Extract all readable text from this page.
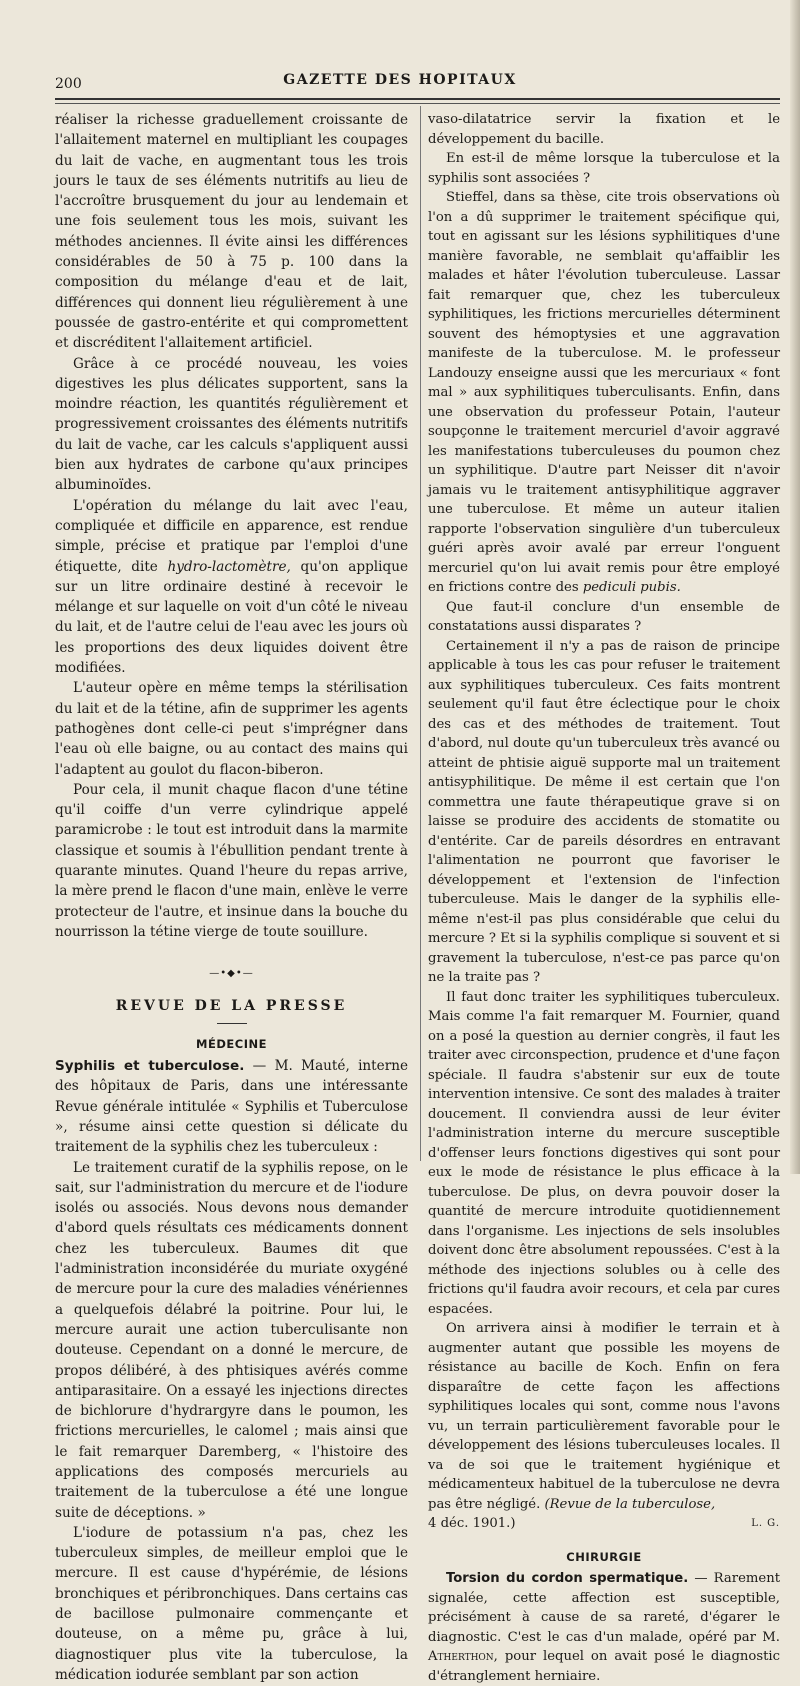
200	GAZETTE DES HOPITAUX

réaliser la richesse graduellement croissante de l'allaitement maternel en multipliant les coupages du lait de vache, en augmentant tous les trois jours le taux de ses éléments nutritifs au lieu de l'accroître brusquement du jour au lendemain et une fois seulement tous les mois, suivant les méthodes anciennes. Il évite ainsi les différences considérables de 50 à 75 p. 100 dans la composition du mélange d'eau et de lait, différences qui donnent lieu régulièrement à une poussée de gastro-entérite et qui compromettent et discréditent l'allaitement artificiel.

Grâce à ce procédé nouveau, les voies digestives les plus délicates supportent, sans la moindre réaction, les quantités régulièrement et progressivement croissantes des éléments nutritifs du lait de vache, car les calculs s'appliquent aussi bien aux hydrates de carbone qu'aux principes albuminoïdes.

L'opération du mélange du lait avec l'eau, compliquée et difficile en apparence, est rendue simple, précise et pratique par l'emploi d'une étiquette, dite hydro-lactomètre, qu'on applique sur un litre ordinaire destiné à recevoir le mélange et sur laquelle on voit d'un côté le niveau du lait, et de l'autre celui de l'eau avec les jours où les proportions des deux liquides doivent être modifiées.

L'auteur opère en même temps la stérilisation du lait et de la tétine, afin de supprimer les agents pathogènes dont celle-ci peut s'imprégner dans l'eau où elle baigne, ou au contact des mains qui l'adaptent au goulot du flacon-biberon.

Pour cela, il munit chaque flacon d'une tétine qu'il coiffe d'un verre cylindrique appelé paramicrobe : le tout est introduit dans la marmite classique et soumis à l'ébullition pendant trente à quarante minutes. Quand l'heure du repas arrive, la mère prend le flacon d'une main, enlève le verre protecteur de l'autre, et insinue dans la bouche du nourrisson la tétine vierge de toute souillure.

—•◆•—
REVUE DE LA PRESSE
MÉDECINE

Syphilis et tuberculose. — M. Mauté, interne des hôpitaux de Paris, dans une intéressante Revue générale intitulée « Syphilis et Tuberculose », résume ainsi cette question si délicate du traitement de la syphilis chez les tuberculeux :

Le traitement curatif de la syphilis repose, on le sait, sur l'administration du mercure et de l'iodure isolés ou associés. Nous devons nous demander d'abord quels résultats ces médicaments donnent chez les tuberculeux. Baumes dit que l'administration inconsidérée du muriate oxygéné de mercure pour la cure des maladies vénériennes a quelquefois délabré la poitrine. Pour lui, le mercure aurait une action tuberculisante non douteuse. Cependant on a donné le mercure, de propos délibéré, à des phtisiques avérés comme antiparasitaire. On a essayé les injections directes de bichlorure d'hydrargyre dans le poumon, les frictions mercurielles, le calomel ; mais ainsi que le fait remarquer Daremberg, « l'histoire des applications des composés mercuriels au traitement de la tuberculose a été une longue suite de déceptions. »

L'iodure de potassium n'a pas, chez les tuberculeux simples, de meilleur emploi que le mercure. Il est cause d'hypérémie, de lésions bronchiques et péribronchiques. Dans certains cas de bacillose pulmonaire commençante et douteuse, on a même pu, grâce à lui, diagnostiquer plus vite la tuberculose, la médication iodurée semblant par son action

vaso-dilatatrice servir la fixation et le développement du bacille.

En est-il de même lorsque la tuberculose et la syphilis sont associées ?

Stieffel, dans sa thèse, cite trois observations où l'on a dû supprimer le traitement spécifique qui, tout en agissant sur les lésions syphilitiques d'une manière favorable, ne semblait qu'affaiblir les malades et hâter l'évolution tuberculeuse. Lassar fait remarquer que, chez les tuberculeux syphilitiques, les frictions mercurielles déterminent souvent des hémoptysies et une aggravation manifeste de la tuberculose. M. le professeur Landouzy enseigne aussi que les mercuriaux « font mal » aux syphilitiques tuberculisants. Enfin, dans une observation du professeur Potain, l'auteur soupçonne le traitement mercuriel d'avoir aggravé les manifestations tuberculeuses du poumon chez un syphilitique. D'autre part Neisser dit n'avoir jamais vu le traitement antisyphilitique aggraver une tuberculose. Et même un auteur italien rapporte l'observation singulière d'un tuberculeux guéri après avoir avalé par erreur l'onguent mercuriel qu'on lui avait remis pour être employé en frictions contre des pediculi pubis.

Que faut-il conclure d'un ensemble de constatations aussi disparates ?

Certainement il n'y a pas de raison de principe applicable à tous les cas pour refuser le traitement aux syphilitiques tuberculeux. Ces faits montrent seulement qu'il faut être éclectique pour le choix des cas et des méthodes de traitement. Tout d'abord, nul doute qu'un tuberculeux très avancé ou atteint de phtisie aiguë supporte mal un traitement antisyphilitique. De même il est certain que l'on commettra une faute thérapeutique grave si on laisse se produire des accidents de stomatite ou d'entérite. Car de pareils désordres en entravant l'alimentation ne pourront que favoriser le développement et l'extension de l'infection tuberculeuse. Mais le danger de la syphilis elle-même n'est-il pas plus considérable que celui du mercure ? Et si la syphilis complique si souvent et si gravement la tuberculose, n'est-ce pas parce qu'on ne la traite pas ?

Il faut donc traiter les syphilitiques tuberculeux. Mais comme l'a fait remarquer M. Fournier, quand on a posé la question au dernier congrès, il faut les traiter avec circonspection, prudence et d'une façon spéciale. Il faudra s'abstenir sur eux de toute intervention intensive. Ce sont des malades à traiter doucement. Il conviendra aussi de leur éviter l'administration interne du mercure susceptible d'offenser leurs fonctions digestives qui sont pour eux le mode de résistance le plus efficace à la tuberculose. De plus, on devra pouvoir doser la quantité de mercure introduite quotidiennement dans l'organisme. Les injections de sels insolubles doivent donc être absolument repoussées. C'est à la méthode des injections solubles ou à celle des frictions qu'il faudra avoir recours, et cela par cures espacées.

On arrivera ainsi à modifier le terrain et à augmenter autant que possible les moyens de résistance au bacille de Koch. Enfin on fera disparaître de cette façon les affections syphilitiques locales qui sont, comme nous l'avons vu, un terrain particulièrement favorable pour le développement des lésions tuberculeuses locales. Il va de soi que le traitement hygiénique et médicamenteux habituel de la tuberculose ne devra pas être négligé. (Revue de la tuberculose,
4 déc. 1901.)	L. G.

CHIRURGIE

Torsion du cordon spermatique. — Rarement signalée, cette affection est susceptible, précisément à cause de sa rareté, d'égarer le diagnostic. C'est le cas d'un malade, opéré par M. Atherthon, pour lequel on avait posé le diagnostic d'étranglement herniaire.
